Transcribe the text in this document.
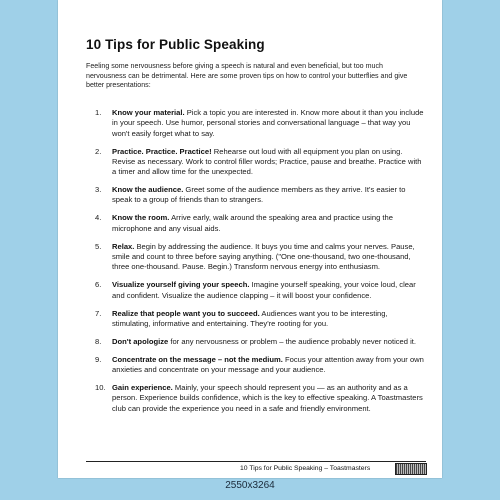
10 Tips for Public Speaking

Feeling some nervousness before giving a speech is natural and even beneficial, but too much nervousness can be detrimental. Here are some proven tips on how to control your butterflies and give better presentations:

1. Know your material. Pick a topic you are interested in. Know more about it than you include in your speech. Use humor, personal stories and conversational language – that way you won't easily forget what to say.
2. Practice. Practice. Practice! Rehearse out loud with all equipment you plan on using. Revise as necessary. Work to control filler words; Practice, pause and breathe. Practice with a timer and allow time for the unexpected.
3. Know the audience. Greet some of the audience members as they arrive. It's easier to speak to a group of friends than to strangers.
4. Know the room. Arrive early, walk around the speaking area and practice using the microphone and any visual aids.
5. Relax. Begin by addressing the audience. It buys you time and calms your nerves. Pause, smile and count to three before saying anything. ("One one-thousand, two one-thousand, three one-thousand. Pause. Begin.) Transform nervous energy into enthusiasm.
6. Visualize yourself giving your speech. Imagine yourself speaking, your voice loud, clear and confident. Visualize the audience clapping – it will boost your confidence.
7. Realize that people want you to succeed. Audiences want you to be interesting, stimulating, informative and entertaining. They're rooting for you.
8. Don't apologize for any nervousness or problem – the audience probably never noticed it.
9. Concentrate on the message – not the medium. Focus your attention away from your own anxieties and concentrate on your message and your audience.
10. Gain experience. Mainly, your speech should represent you — as an authority and as a person. Experience builds confidence, which is the key to effective speaking. A Toastmasters club can provide the experience you need in a safe and friendly environment.
10 Tips for Public Speaking – Toastmasters
2550x3264
